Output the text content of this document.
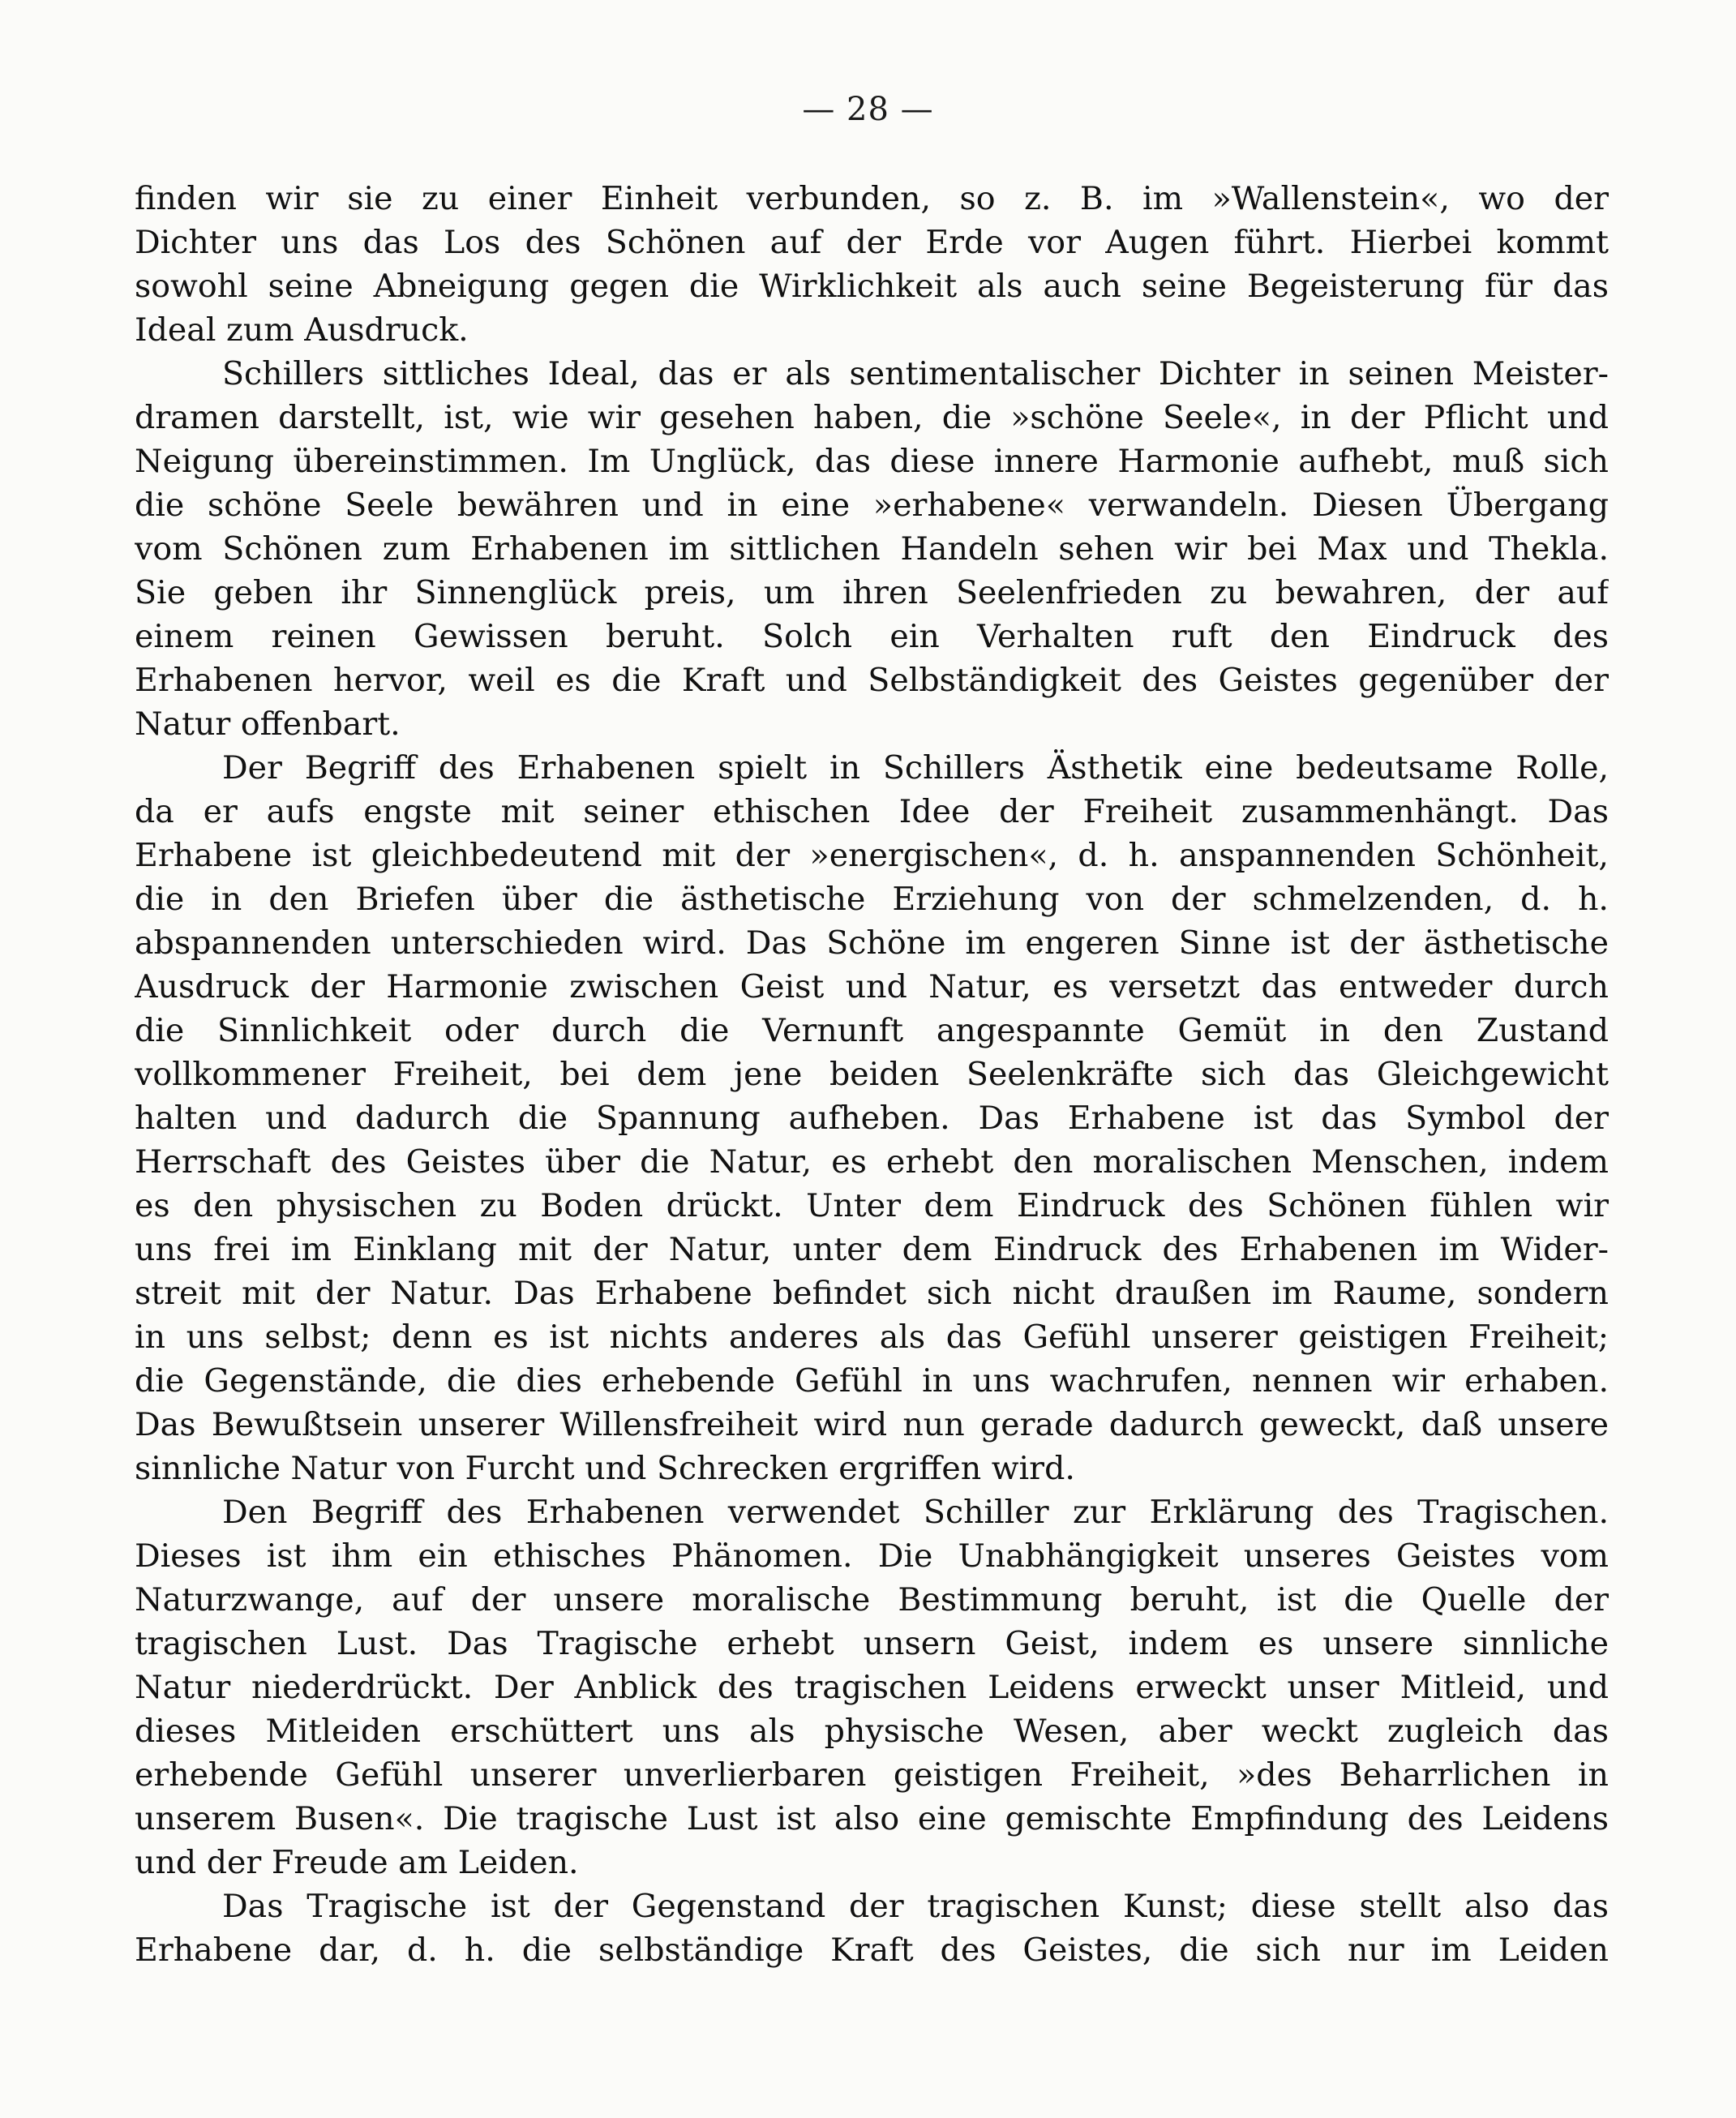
— 28 —
finden wir sie zu einer Einheit verbunden, so z. B. im »Wallenstein«, wo der
Dichter uns das Los des Schönen auf der Erde vor Augen führt. Hierbei kommt
sowohl seine Abneigung gegen die Wirklichkeit als auch seine Begeisterung für das
Ideal zum Ausdruck.
Schillers sittliches Ideal, das er als sentimentalischer Dichter in seinen Meister-
dramen darstellt, ist, wie wir gesehen haben, die »schöne Seele«, in der Pflicht und
Neigung übereinstimmen. Im Unglück, das diese innere Harmonie aufhebt, muß sich
die schöne Seele bewähren und in eine »erhabene« verwandeln. Diesen Übergang
vom Schönen zum Erhabenen im sittlichen Handeln sehen wir bei Max und Thekla.
Sie geben ihr Sinnenglück preis, um ihren Seelenfrieden zu bewahren, der auf
einem reinen Gewissen beruht. Solch ein Verhalten ruft den Eindruck des
Erhabenen hervor, weil es die Kraft und Selbständigkeit des Geistes gegenüber der
Natur offenbart.
Der Begriff des Erhabenen spielt in Schillers Ästhetik eine bedeutsame Rolle,
da er aufs engste mit seiner ethischen Idee der Freiheit zusammenhängt. Das
Erhabene ist gleichbedeutend mit der »energischen«, d. h. anspannenden Schönheit,
die in den Briefen über die ästhetische Erziehung von der schmelzenden, d. h.
abspannenden unterschieden wird. Das Schöne im engeren Sinne ist der ästhetische
Ausdruck der Harmonie zwischen Geist und Natur, es versetzt das entweder durch
die Sinnlichkeit oder durch die Vernunft angespannte Gemüt in den Zustand
vollkommener Freiheit, bei dem jene beiden Seelenkräfte sich das Gleichgewicht
halten und dadurch die Spannung aufheben. Das Erhabene ist das Symbol der
Herrschaft des Geistes über die Natur, es erhebt den moralischen Menschen, indem
es den physischen zu Boden drückt. Unter dem Eindruck des Schönen fühlen wir
uns frei im Einklang mit der Natur, unter dem Eindruck des Erhabenen im Wider-
streit mit der Natur. Das Erhabene befindet sich nicht draußen im Raume, sondern
in uns selbst; denn es ist nichts anderes als das Gefühl unserer geistigen Freiheit;
die Gegenstände, die dies erhebende Gefühl in uns wachrufen, nennen wir erhaben.
Das Bewußtsein unserer Willensfreiheit wird nun gerade dadurch geweckt, daß unsere
sinnliche Natur von Furcht und Schrecken ergriffen wird.
Den Begriff des Erhabenen verwendet Schiller zur Erklärung des Tragischen.
Dieses ist ihm ein ethisches Phänomen. Die Unabhängigkeit unseres Geistes vom
Naturzwange, auf der unsere moralische Bestimmung beruht, ist die Quelle der
tragischen Lust. Das Tragische erhebt unsern Geist, indem es unsere sinnliche
Natur niederdrückt. Der Anblick des tragischen Leidens erweckt unser Mitleid, und
dieses Mitleiden erschüttert uns als physische Wesen, aber weckt zugleich das
erhebende Gefühl unserer unverlierbaren geistigen Freiheit, »des Beharrlichen in
unserem Busen«. Die tragische Lust ist also eine gemischte Empfindung des Leidens
und der Freude am Leiden.
Das Tragische ist der Gegenstand der tragischen Kunst; diese stellt also das
Erhabene dar, d. h. die selbständige Kraft des Geistes, die sich nur im Leiden
